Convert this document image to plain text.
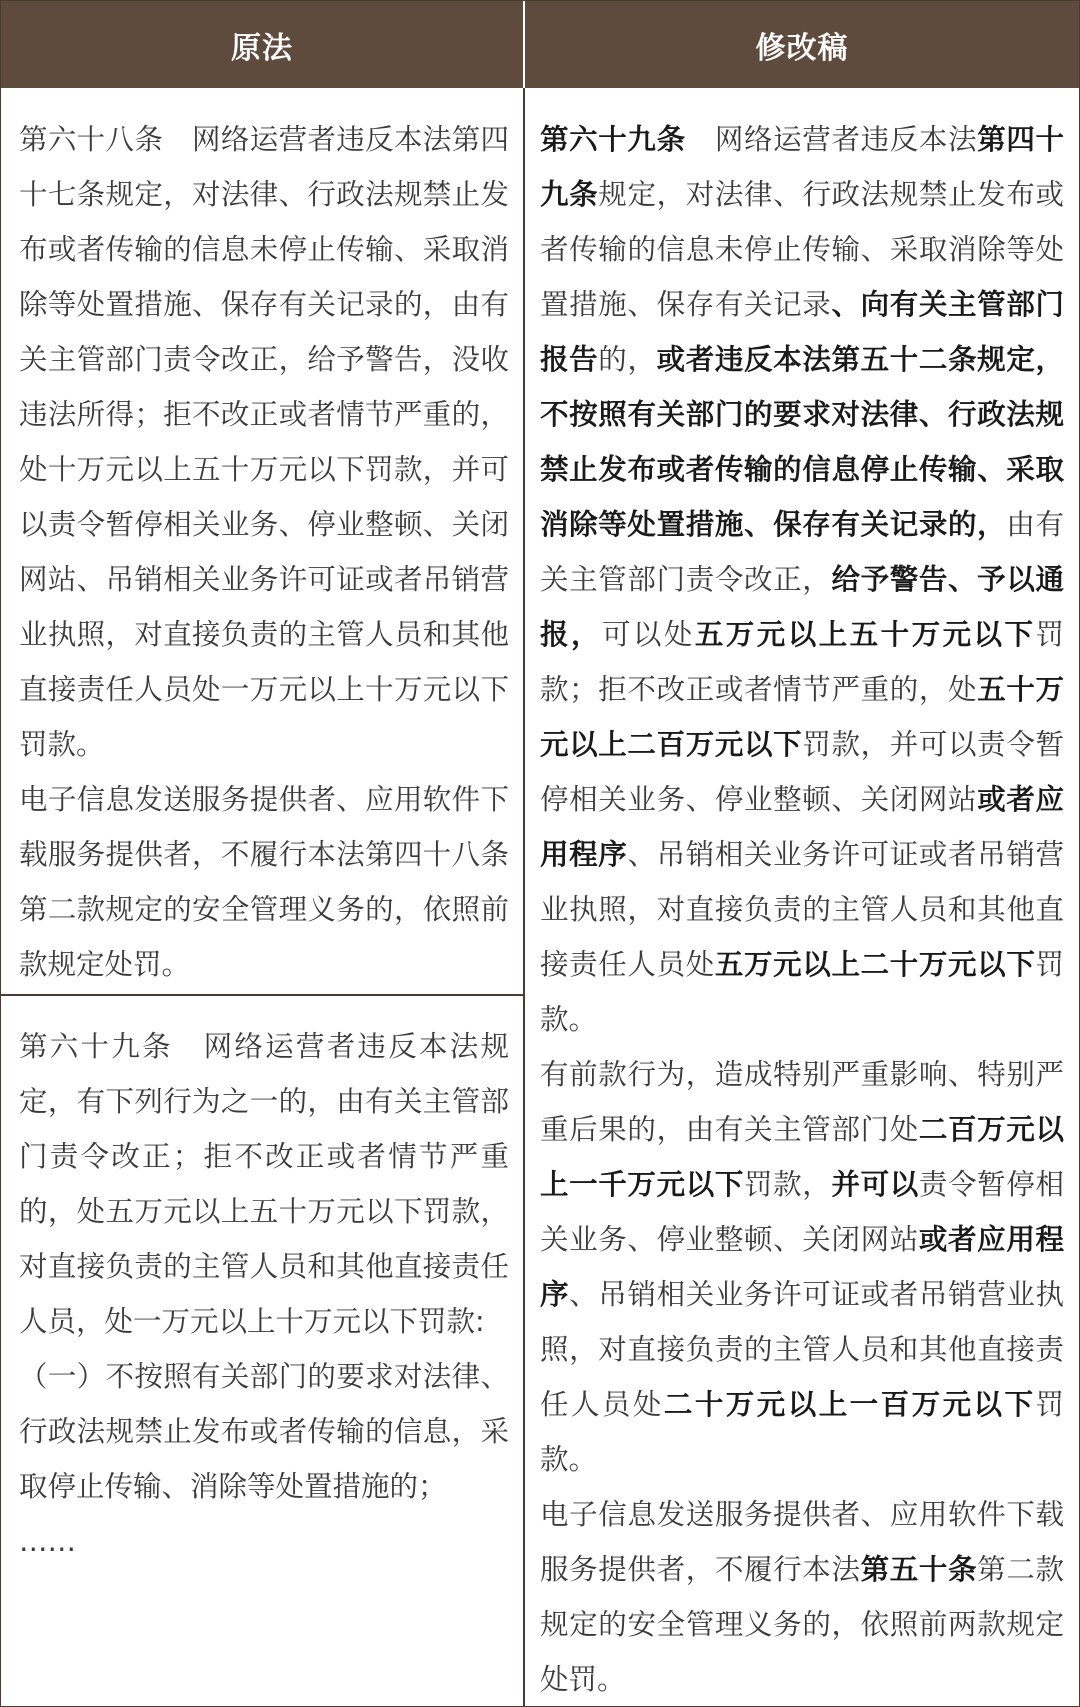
原法	修改稿

第六十八条　网络运营者违反本法第四十七条规定，对法律、行政法规禁止发布或者传输的信息未停止传输、采取消除等处置措施、保存有关记录的，由有关主管部门责令改正，给予警告，没收违法所得；拒不改正或者情节严重的，处十万元以上五十万元以下罚款，并可以责令暂停相关业务、停业整顿、关闭网站、吊销相关业务许可证或者吊销营业执照，对直接负责的主管人员和其他直接责任人员处一万元以上十万元以下罚款。

电子信息发送服务提供者、应用软件下载服务提供者，不履行本法第四十八条第二款规定的安全管理义务的，依照前款规定处罚。

第六十九条　网络运营者违反本法规定，有下列行为之一的，由有关主管部门责令改正；拒不改正或者情节严重的，处五万元以上五十万元以下罚款，对直接负责的主管人员和其他直接责任人员，处一万元以上十万元以下罚款:

（一）不按照有关部门的要求对法律、行政法规禁止发布或者传输的信息，采取停止传输、消除等处置措施的；

……

第六十九条　网络运营者违反本法第四十九条规定，对法律、行政法规禁止发布或者传输的信息未停止传输、采取消除等处置措施、保存有关记录、向有关主管部门报告的，或者违反本法第五十二条规定，不按照有关部门的要求对法律、行政法规禁止发布或者传输的信息停止传输、采取消除等处置措施、保存有关记录的，由有关主管部门责令改正，给予警告、予以通报，可以处五万元以上五十万元以下罚款；拒不改正或者情节严重的，处五十万元以上二百万元以下罚款，并可以责令暂停相关业务、停业整顿、关闭网站或者应用程序、吊销相关业务许可证或者吊销营业执照，对直接负责的主管人员和其他直接责任人员处五万元以上二十万元以下罚款。

有前款行为，造成特别严重影响、特别严重后果的，由有关主管部门处二百万元以上一千万元以下罚款，并可以责令暂停相关业务、停业整顿、关闭网站或者应用程序、吊销相关业务许可证或者吊销营业执照，对直接负责的主管人员和其他直接责任人员处二十万元以上一百万元以下罚款。

电子信息发送服务提供者、应用软件下载服务提供者，不履行本法第五十条第二款规定的安全管理义务的，依照前两款规定处罚。
